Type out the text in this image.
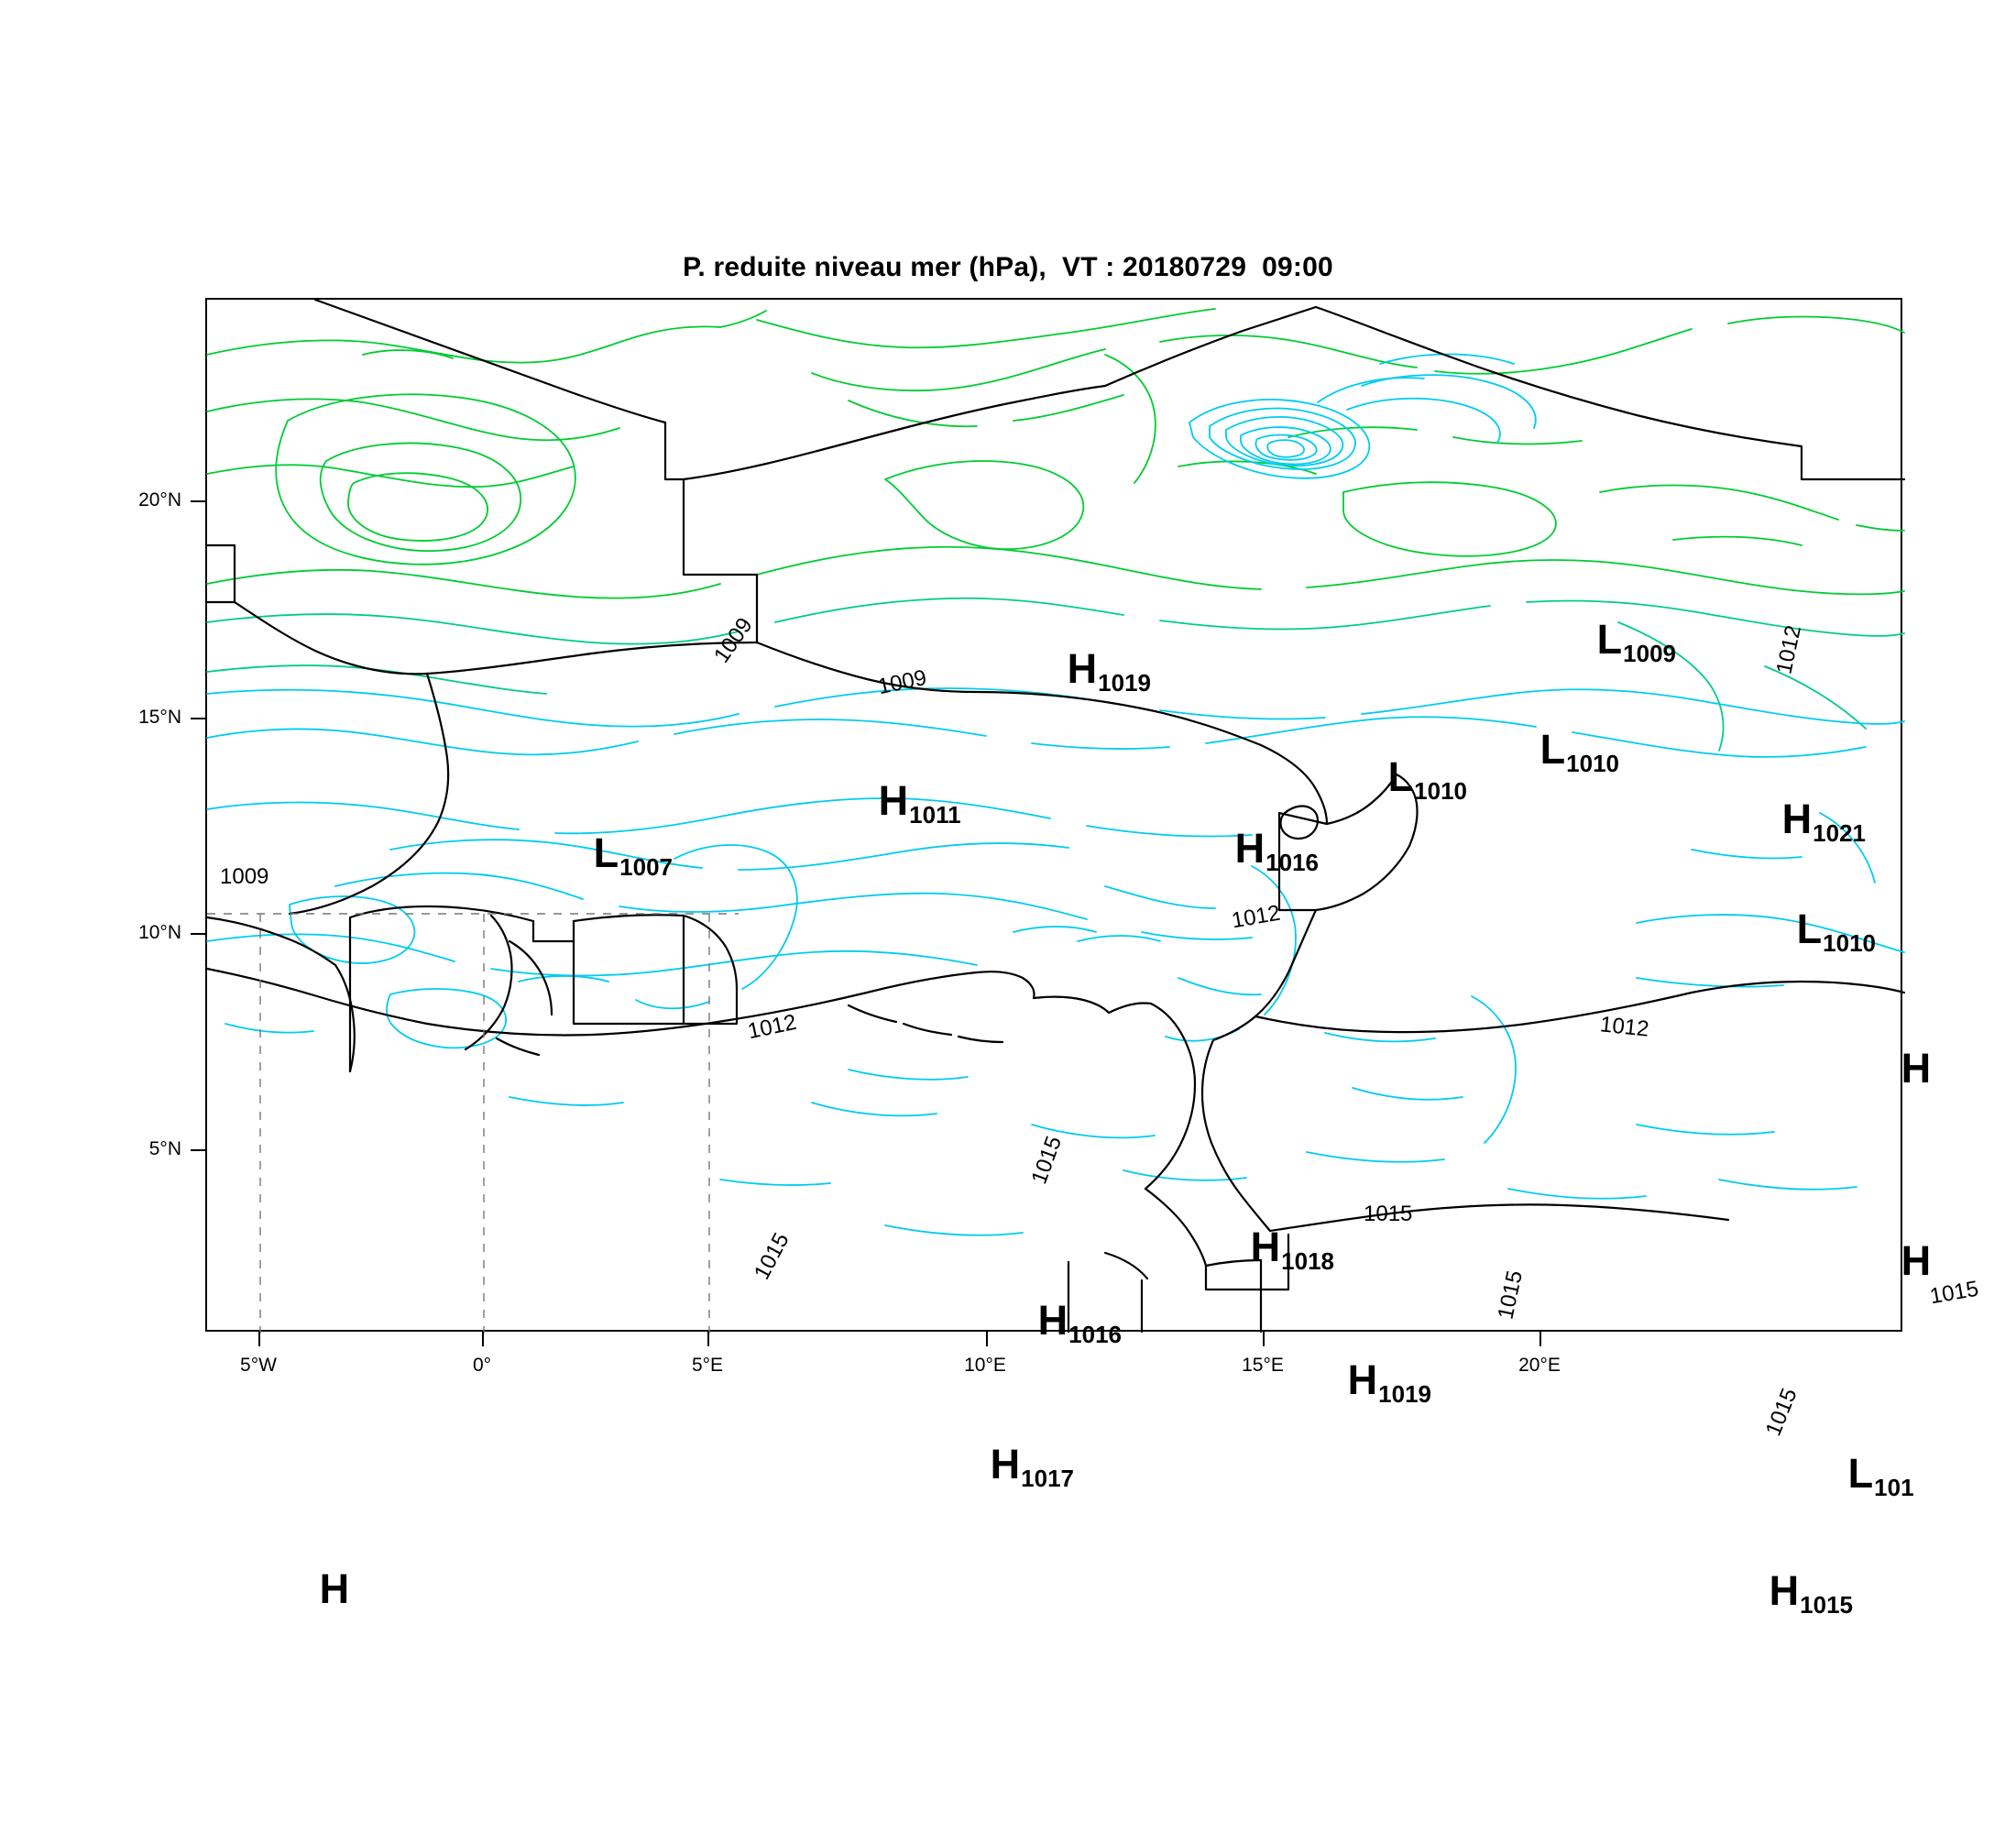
P. reduite niveau mer (hPa),  VT : 20180729  09:00
1009
1009
1009
1012
1012
1012	1012
1015
1015
1015
1015
1015
1015

L1007

H1011

H1019

H1016

L1010

L1010

L1009

H1021

L1010

H1018

H1016

H1019

H1017

H

H

H

L101

H1015

20°N
15°N
10°N
5°N
5°W	0°	5°E	10°E	15°E	20°E
